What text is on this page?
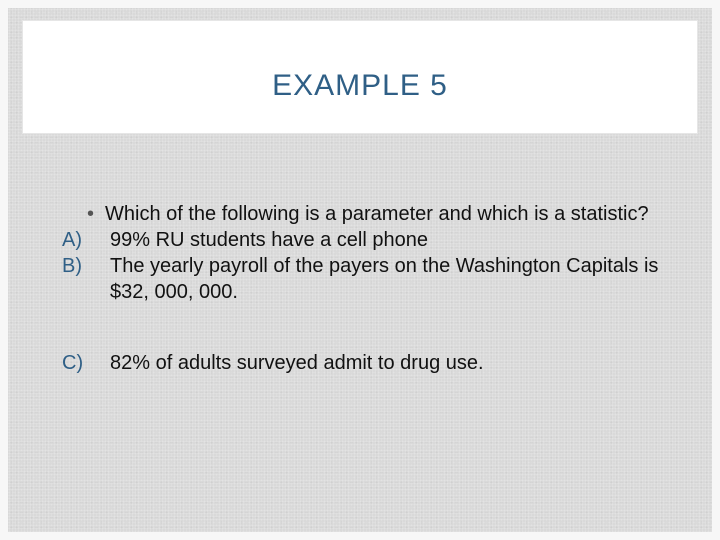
EXAMPLE 5
• Which of the following is a parameter and which is a statistic?
A)	99% RU students have a cell phone
B)	The yearly payroll of the payers on the Washington Capitals is $32, 000, 000.
C)	82% of adults surveyed admit to drug use.
